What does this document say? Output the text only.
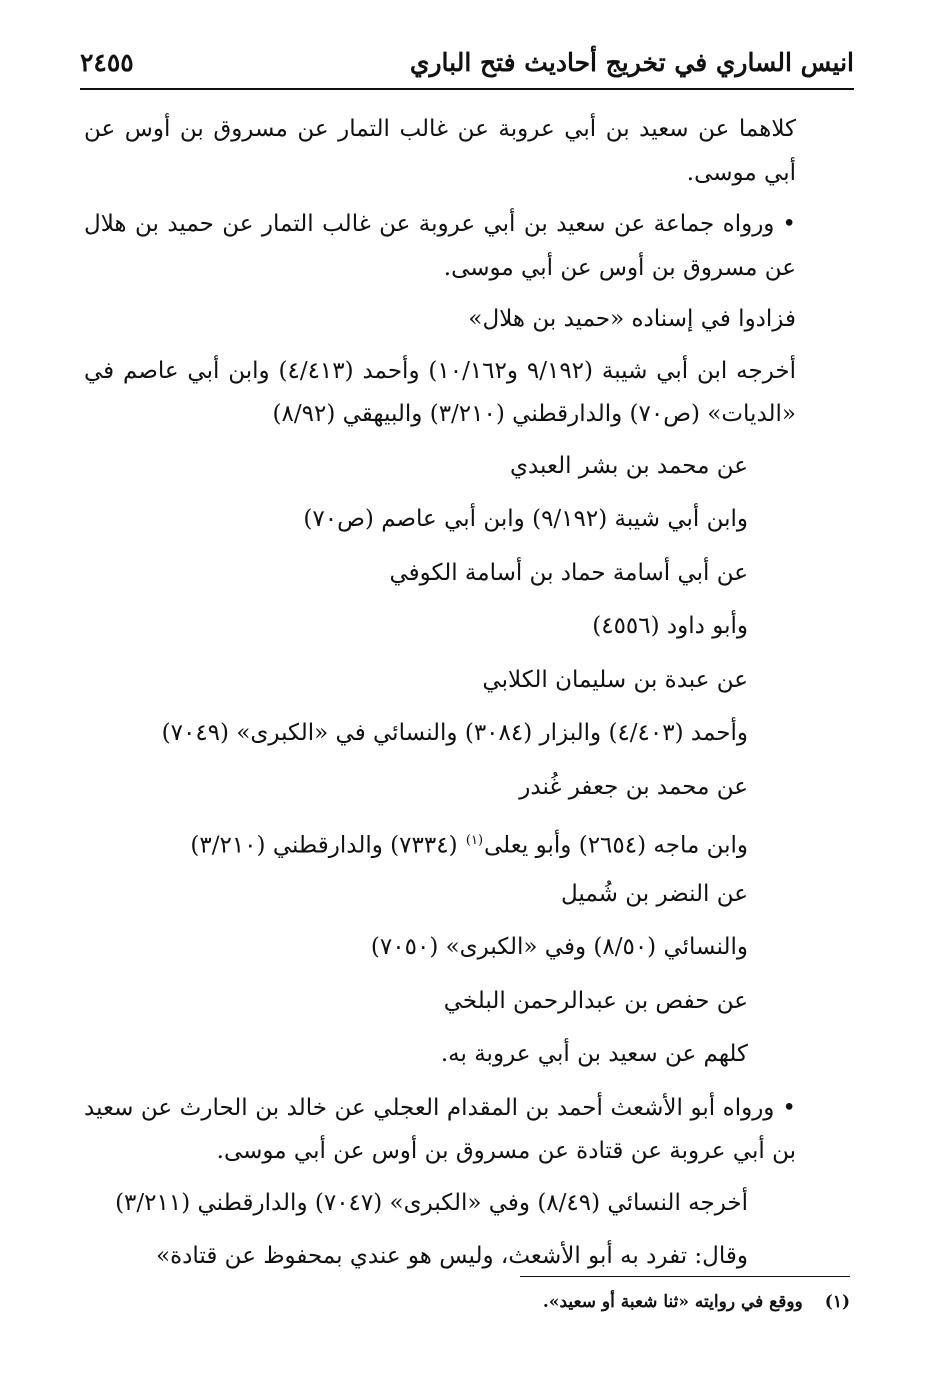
انيس الساري في تخريج أحاديث فتح الباري
٢٤٥٥

كلاهما عن سعيد بن أبي عروبة عن غالب التمار عن مسروق بن أوس عن أبي موسى.

•ورواه جماعة عن سعيد بن أبي عروبة عن غالب التمار عن حميد بن هلال عن مسروق بن أوس عن أبي موسى.

فزادوا في إسناده «حميد بن هلال»

أخرجه ابن أبي شيبة (٩/١٩٢ و١٠/١٦٢) وأحمد (٤/٤١٣) وابن أبي عاصم في «الديات» (ص٧٠) والدارقطني (٣/٢١٠) والبيهقي (٨/٩٢)

عن محمد بن بشر العبدي
وابن أبي شيبة (٩/١٩٢) وابن أبي عاصم (ص٧٠)
عن أبي أسامة حماد بن أسامة الكوفي
وأبو داود (٤٥٥٦)
عن عبدة بن سليمان الكلابي
وأحمد (٤/٤٠٣) والبزار (٣٠٨٤) والنسائي في «الكبرى» (٧٠٤٩)
عن محمد بن جعفر غُندر
وابن ماجه (٢٦٥٤) وأبو يعلى$^{(١)}$ (٧٣٣٤) والدارقطني (٣/٢١٠)
عن النضر بن شُميل
والنسائي (٨/٥٠) وفي «الكبرى» (٧٠٥٠)
عن حفص بن عبدالرحمن البلخي
كلهم عن سعيد بن أبي عروبة به.

•ورواه أبو الأشعث أحمد بن المقدام العجلي عن خالد بن الحارث عن سعيد بن أبي عروبة عن قتادة عن مسروق بن أوس عن أبي موسى.

أخرجه النسائي (٨/٤٩) وفي «الكبرى» (٧٠٤٧) والدارقطني (٣/٢١١)
وقال: تفرد به أبو الأشعث، وليس هو عندي بمحفوظ عن قتادة»
(١)ووقع في روايته «ثنا شعبة أو سعيد».
